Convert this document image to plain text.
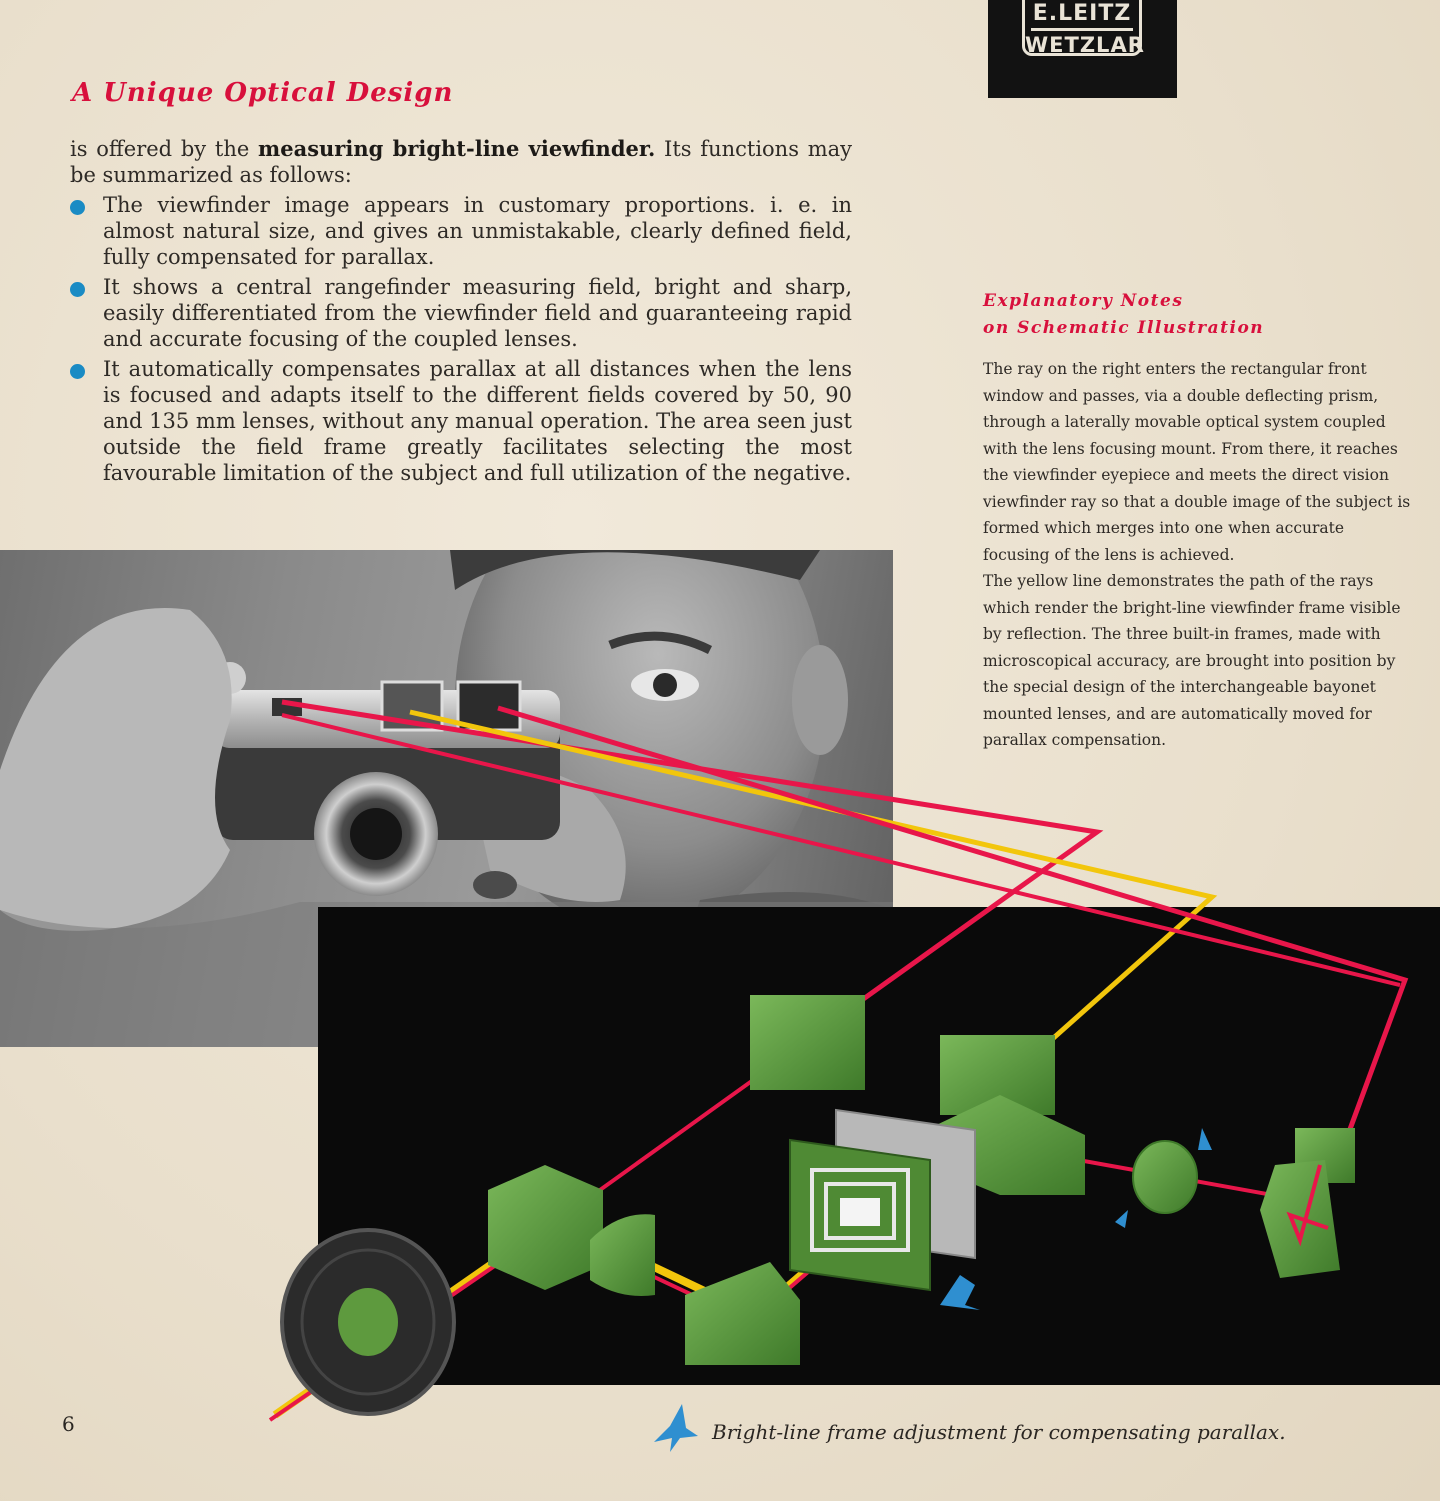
E.LEITZ
WETZLAR
A Unique Optical Design

is offered by the measuring bright-line viewfinder. Its functions may be summarized as follows:

The viewfinder image appears in customary proportions. i. e. in almost natural size, and gives an unmistakable, clearly defined field, fully compensated for parallax.
It shows a central rangefinder measuring field, bright and sharp, easily differentiated from the viewfinder field and guaranteeing rapid and accurate focusing of the coupled lenses.
It automatically compensates parallax at all distances when the lens is focused and adapts itself to the different fields covered by 50, 90 and 135 mm lenses, without any manual operation. The area seen just outside the field frame greatly facilitates selecting the most favourable limitation of the subject and full utilization of the negative.
Explanatory Notes
on Schematic Illustration

The ray on the right enters the rectangular front window and passes, via a double deflecting prism, through a laterally movable optical system coupled with the lens focusing mount. From there, it reaches the viewfinder eyepiece and meets the direct vision viewfinder ray so that a double image of the subject is formed which merges into one when accurate focusing of the lens is achieved.

The yellow line demonstrates the path of the rays which render the bright-line viewfinder frame visible by reflection. The three built-in frames, made with microscopical accuracy, are brought into position by the special design of the interchangeable bayonet mounted lenses, and are automatically moved for parallax compensation.

6	Bright-line frame adjustment for compensating parallax.
